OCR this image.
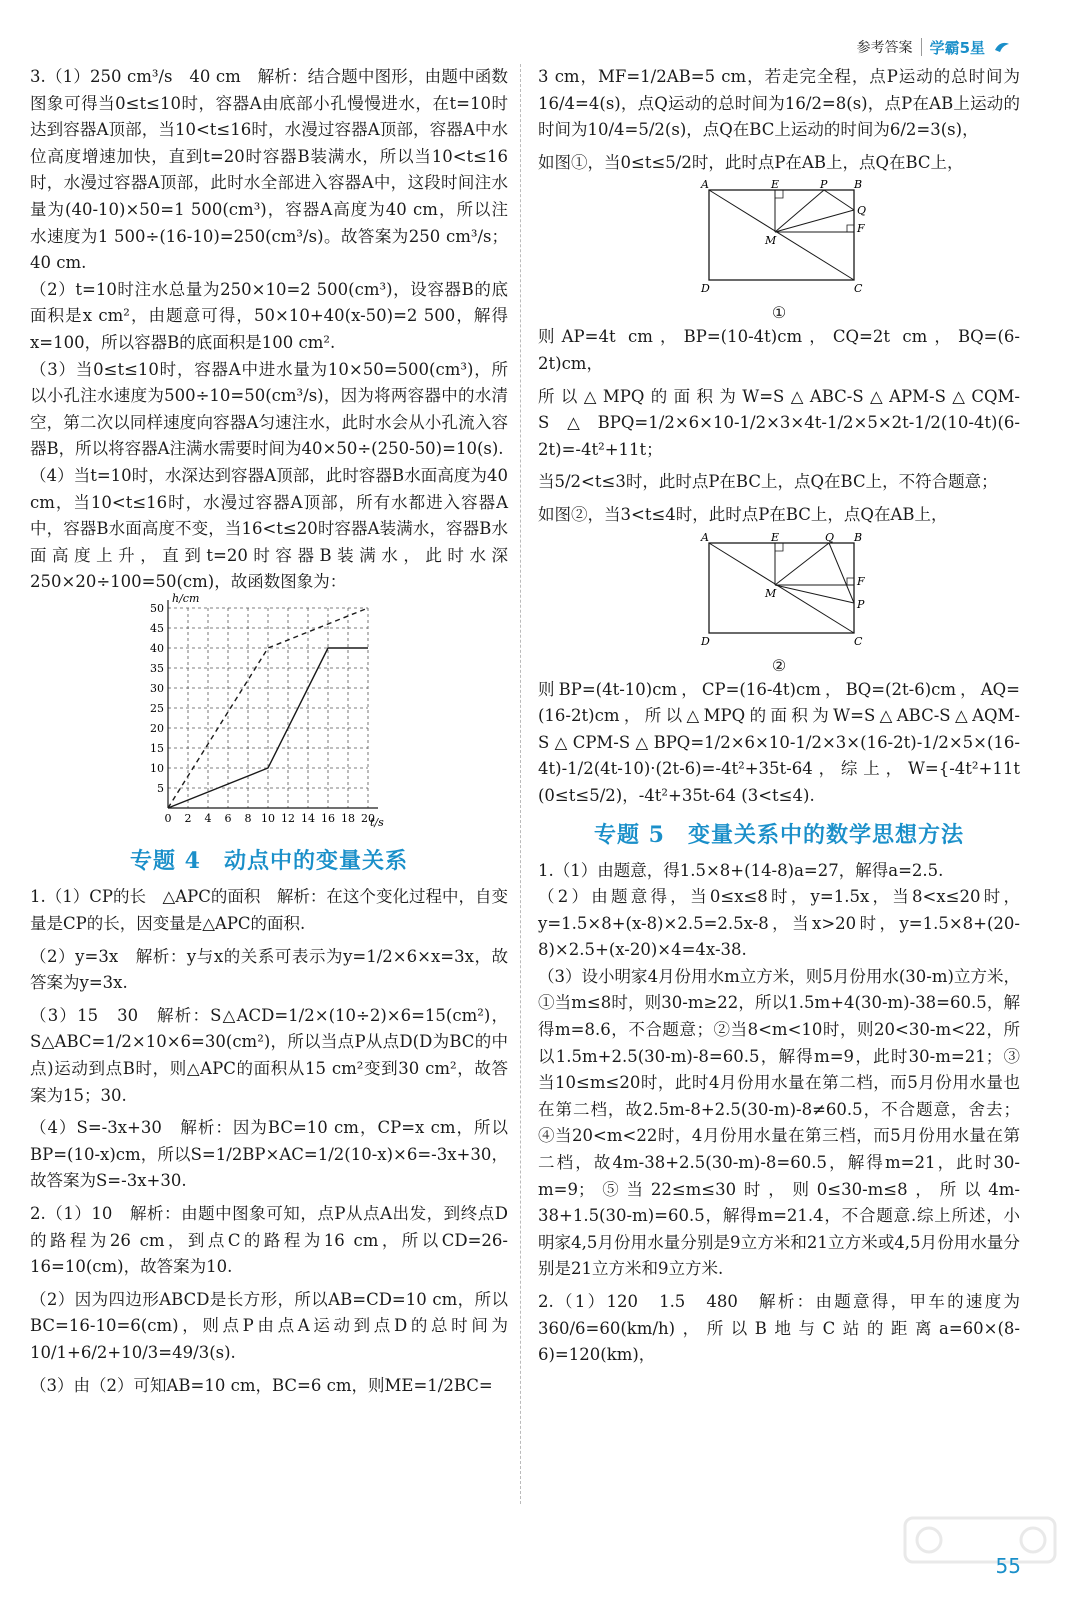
参考答案 学霸5星

3.（1）250 cm³/s　40 cm　解析：结合题中图形，由题中函数图象可得当0≤t≤10时，容器A由底部小孔慢慢进水，在t=10时达到容器A顶部，当10<t≤16时，水漫过容器A顶部，容器A中水位高度增速加快，直到t=20时容器B装满水，所以当10<t≤16时，水漫过容器A顶部，此时水全部进入容器A中，这段时间注水量为(40-10)×50=1 500(cm³)，容器A高度为40 cm，所以注水速度为1 500÷(16-10)=250(cm³/s)。故答案为250 cm³/s；40 cm.

（2）t=10时注水总量为250×10=2 500(cm³)，设容器B的底面积是x cm²，由题意可得，50×10+40(x-50)=2 500，解得x=100，所以容器B的底面积是100 cm².

（3）当0≤t≤10时，容器A中进水量为10×50=500(cm³)，所以小孔注水速度为500÷10=50(cm³/s)，因为将两容器中的水清空，第二次以同样速度向容器A匀速注水，此时水会从小孔流入容器B，所以将容器A注满水需要时间为40×50÷(250-50)=10(s).

（4）当t=10时，水深达到容器A顶部，此时容器B水面高度为40 cm，当10<t≤16时，水漫过容器A顶部，所有水都进入容器A中，容器B水面高度不变，当16<t≤20时容器A装满水，容器B水面高度上升，直到t=20时容器B装满水，此时水深250×20÷100=50(cm)，故函数图象为：

0 2 4 6 8 10 12 14 16 18 20
5
10
15
20
25
30
35
40
45
50
h/cm
t/s
专题 4　动点中的变量关系

1.（1）CP的长　△APC的面积　解析：在这个变化过程中，自变量是CP的长，因变量是△APC的面积.

（2）y=3x　解析：y与x的关系可表示为y=1/2×6×x=3x，故答案为y=3x.

（3）15　30　解析：S△ACD=1/2×(10÷2)×6=15(cm²)，S△ABC=1/2×10×6=30(cm²)，所以当点P从点D(D为BC的中点)运动到点B时，则△APC的面积从15 cm²变到30 cm²，故答案为15；30.

（4）S=-3x+30　解析：因为BC=10 cm，CP=x cm，所以BP=(10-x)cm，所以S=1/2BP×AC=1/2(10-x)×6=-3x+30，故答案为S=-3x+30.

2.（1）10　解析：由题中图象可知，点P从点A出发，到终点D的路程为26 cm，到点C的路程为16 cm，所以CD=26-16=10(cm)，故答案为10.

（2）因为四边形ABCD是长方形，所以AB=CD=10 cm，所以BC=16-10=6(cm)，则点P由点A运动到点D的总时间为10/1+6/2+10/3=49/3(s).

（3）由（2）可知AB=10 cm，BC=6 cm，则ME=1/2BC=

3 cm，MF=1/2AB=5 cm，若走完全程，点P运动的总时间为16/4=4(s)，点Q运动的总时间为16/2=8(s)，点P在AB上运动的时间为10/4=5/2(s)，点Q在BC上运动的时间为6/2=3(s)，

如图①，当0≤t≤5/2时，此时点P在AB上，点Q在BC上，

A	E	P B
Q
F
M
D	C
①

则AP=4t cm，BP=(10-4t)cm，CQ=2t cm，BQ=(6-2t)cm，

所以△MPQ的面积为W=S△ABC-S△APM-S△CQM-S△BPQ=1/2×6×10-1/2×3×4t-1/2×5×2t-1/2(10-4t)(6-2t)=-4t²+11t；

当5/2<t≤3时，此时点P在BC上，点Q在BC上，不符合题意；

如图②，当3<t≤4时，此时点P在BC上，点Q在AB上，

A	E	Q B
F
P
M
D	C
②

则BP=(4t-10)cm，CP=(16-4t)cm，BQ=(2t-6)cm，AQ=(16-2t)cm，所以△MPQ的面积为W=S△ABC-S△AQM-S△CPM-S△BPQ=1/2×6×10-1/2×3×(16-2t)-1/2×5×(16-4t)-1/2(4t-10)·(2t-6)=-4t²+35t-64，综上，W={-4t²+11t (0≤t≤5/2)，-4t²+35t-64 (3<t≤4).

专题 5　变量关系中的数学思想方法

1.（1）由题意，得1.5×8+(14-8)a=27，解得a=2.5.

（2）由题意得，当0≤x≤8时，y=1.5x，当8<x≤20时，y=1.5×8+(x-8)×2.5=2.5x-8，当x>20时，y=1.5×8+(20-8)×2.5+(x-20)×4=4x-38.

（3）设小明家4月份用水m立方米，则5月份用水(30-m)立方米，①当m≤8时，则30-m≥22，所以1.5m+4(30-m)-38=60.5，解得m=8.6，不合题意；②当8<m<10时，则20<30-m<22，所以1.5m+2.5(30-m)-8=60.5，解得m=9，此时30-m=21；③当10≤m≤20时，此时4月份用水量在第二档，而5月份用水量也在第二档，故2.5m-8+2.5(30-m)-8≠60.5，不合题意，舍去；④当20<m<22时，4月份用水量在第三档，而5月份用水量在第二档，故4m-38+2.5(30-m)-8=60.5，解得m=21，此时30-m=9；⑤当22≤m≤30时，则0≤30-m≤8，所以4m-38+1.5(30-m)=60.5，解得m=21.4，不合题意.综上所述，小明家4,5月份用水量分别是9立方米和21立方米或4,5月份用水量分别是21立方米和9立方米.

2.（1）120　1.5　480　解析：由题意得，甲车的速度为360/6=60(km/h)，所以B地与C站的距离a=60×(8-6)=120(km)，

55
